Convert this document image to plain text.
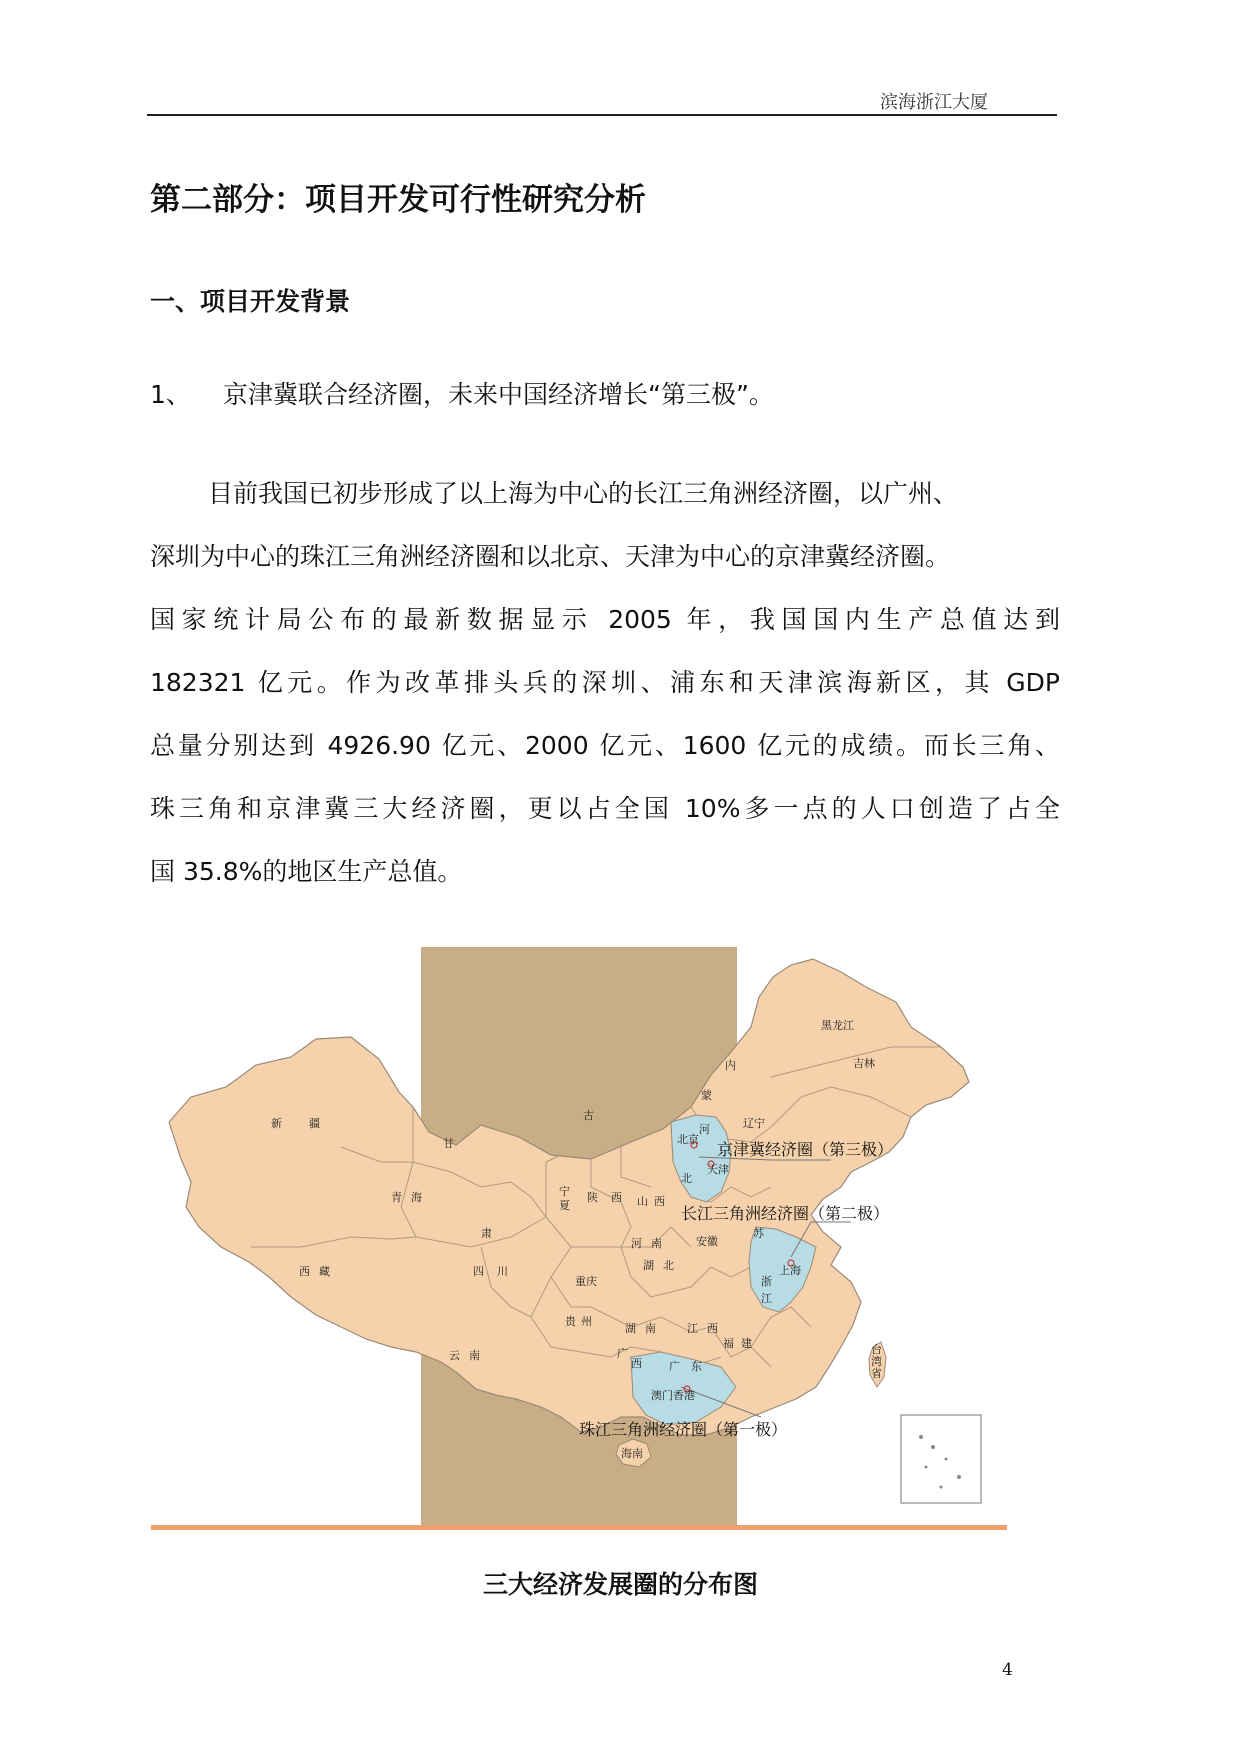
滨海浙江大厦
第二部分：项目开发可行性研究分析
一、项目开发背景
1、 京津冀联合经济圈，未来中国经济增长“第三极”。
目前我国已初步形成了以上海为中心的长江三角洲经济圈，以广州、
深圳为中心的珠江三角洲经济圈和以北京、天津为中心的京津冀经济圈。
国家统计局公布的最新数据显示 2005 年，我国国内生产总值达到
182321 亿元。作为改革排头兵的深圳、浦东和天津滨海新区，其 GDP
总量分别达到 4926.90 亿元、2000 亿元、1600 亿元的成绩。而长三角、
珠三角和京津冀三大经济圈，更以占全国 10%多一点的人口创造了占全
国 35.8%的地区生产总值。
京津冀经济圈（第三极）
长江三角洲经济圈（第二极）
珠江三角洲经济圈（第一极）
黑龙江
吉林
辽宁
内
蒙
古
新 疆
甘
肃
青 海
西 藏
宁
夏
陕 西 山 西
河
北
北京
天津
四 川
重庆
河 南
湖 北
安徽
苏
上海
浙
江
云 南
贵 州
湖 南	江 西
福 建
广
西 广 东
台
湾
省
海南
澳门香港
三大经济发展圈的分布图
4
